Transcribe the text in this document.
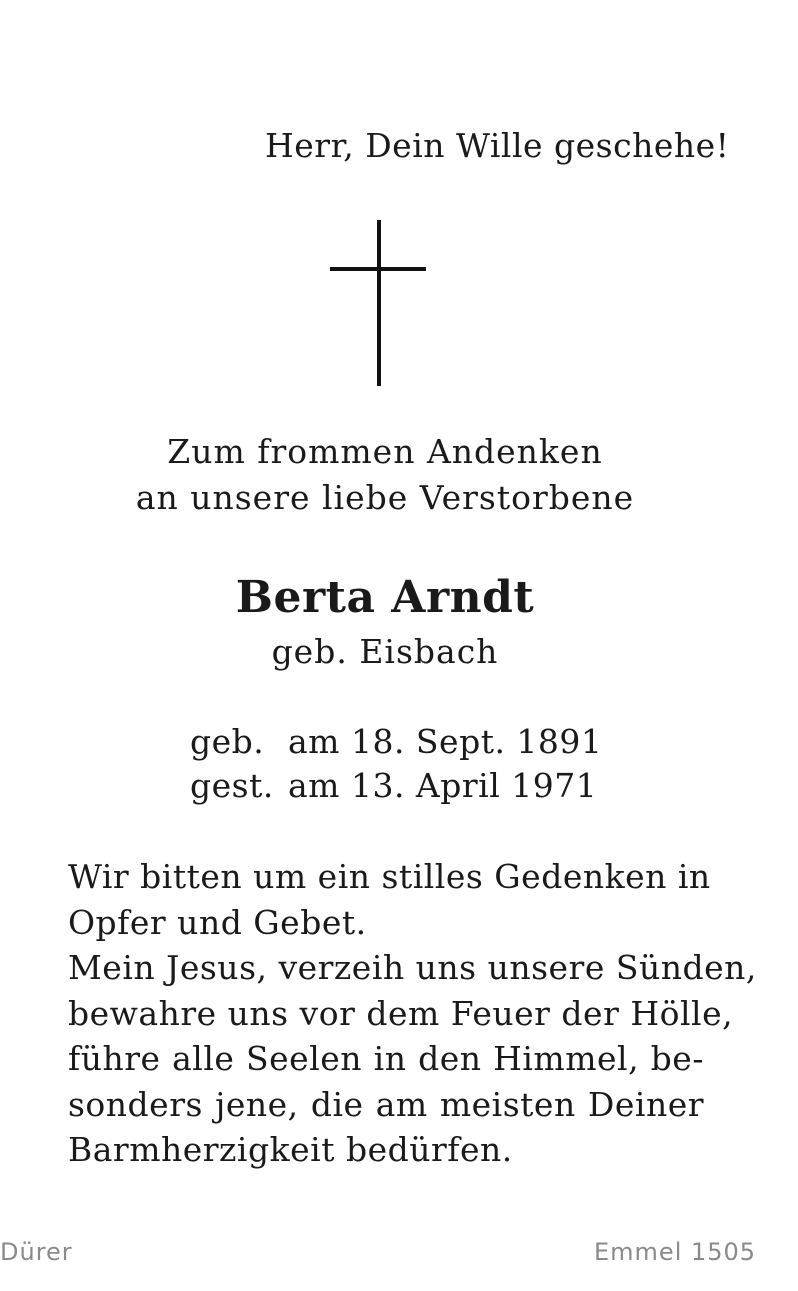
Herr, Dein Wille geschehe!
Zum frommen Andenken
an unsere liebe Verstorbene
Berta Arndt
geb. Eisbach
geb. am 18. Sept. 1891
gest. am 13. April 1971
Wir bitten um ein stilles Gedenken in
Opfer und Gebet.
Mein Jesus, verzeih uns unsere Sünden,
bewahre uns vor dem Feuer der Hölle,
führe alle Seelen in den Himmel, be-
sonders jene, die am meisten Deiner
Barmherzigkeit bedürfen.
Dürer	Emmel 1505
